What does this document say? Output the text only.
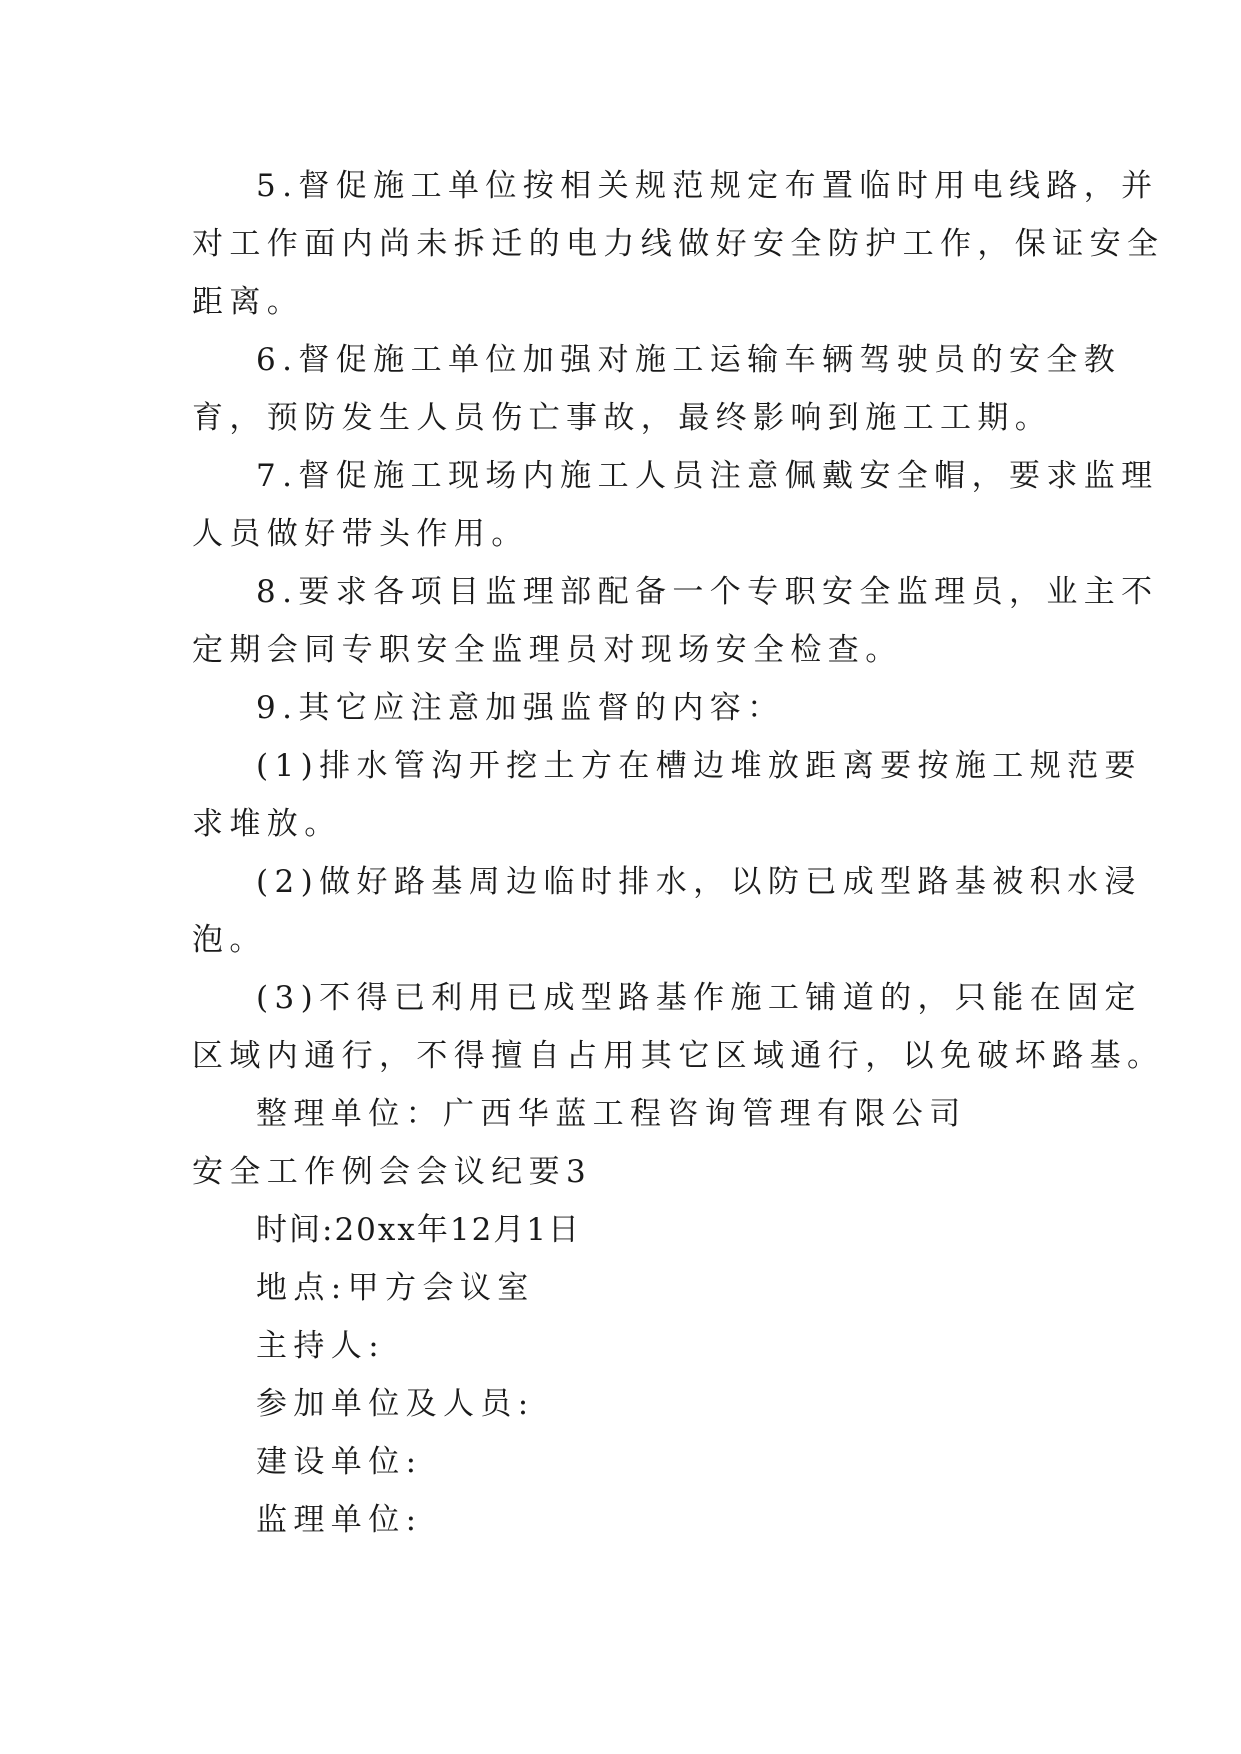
5.督促施工单位按相关规范规定布置临时用电线路，并
对工作面内尚未拆迁的电力线做好安全防护工作，保证安全
距离。
6.督促施工单位加强对施工运输车辆驾驶员的安全教
育，预防发生人员伤亡事故，最终影响到施工工期。
7.督促施工现场内施工人员注意佩戴安全帽，要求监理
人员做好带头作用。
8.要求各项目监理部配备一个专职安全监理员，业主不
定期会同专职安全监理员对现场安全检查。
9.其它应注意加强监督的内容：
(1)排水管沟开挖土方在槽边堆放距离要按施工规范要
求堆放。
(2)做好路基周边临时排水，以防已成型路基被积水浸
泡。
(3)不得已利用已成型路基作施工铺道的，只能在固定
区域内通行，不得擅自占用其它区域通行，以免破坏路基。
整理单位：广西华蓝工程咨询管理有限公司
安全工作例会会议纪要3
时间:20xx年12月1日
地点:甲方会议室
主持人:
参加单位及人员:
建设单位:
监理单位:
